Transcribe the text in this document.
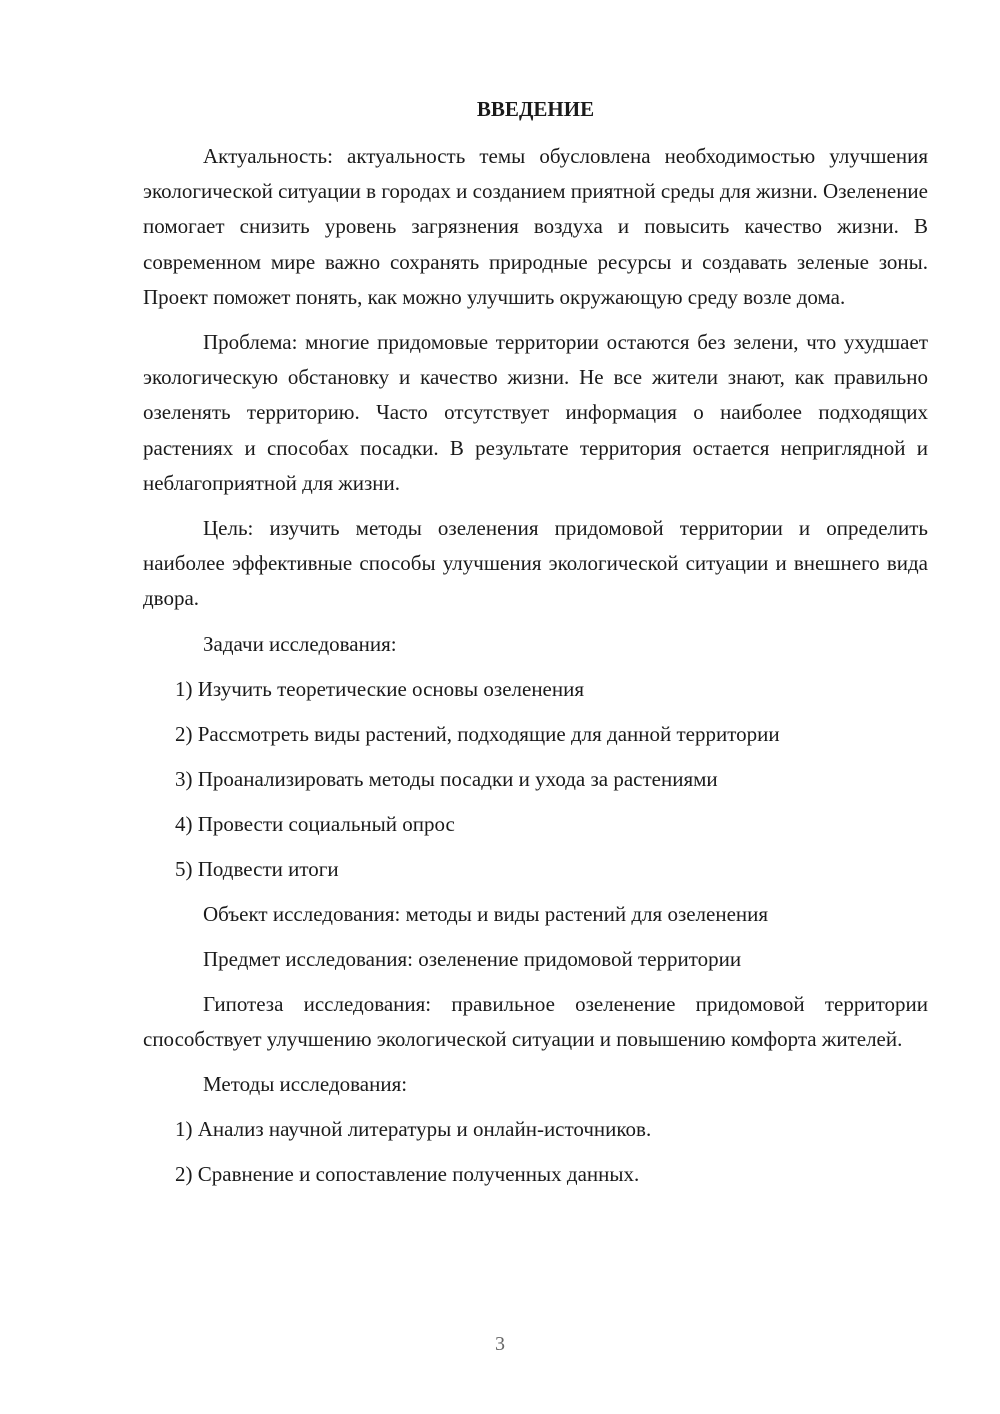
ВВЕДЕНИЕ

Актуальность: актуальность темы обусловлена необходимостью улучшения экологической ситуации в городах и созданием приятной среды для жизни. Озеленение помогает снизить уровень загрязнения воздуха и повысить качество жизни. В современном мире важно сохранять природные ресурсы и создавать зеленые зоны. Проект поможет понять, как можно улучшить окружающую среду возле дома.

Проблема: многие придомовые территории остаются без зелени, что ухудшает экологическую обстановку и качество жизни. Не все жители знают, как правильно озеленять территорию. Часто отсутствует информация о наиболее подходящих растениях и способах посадки. В результате территория остается неприглядной и неблагоприятной для жизни.

Цель: изучить методы озеленения придомовой территории и определить наиболее эффективные способы улучшения экологической ситуации и внешнего вида двора.

Задачи исследования:

1) Изучить теоретические основы озеленения

2) Рассмотреть виды растений, подходящие для данной территории

3) Проанализировать методы посадки и ухода за растениями

4) Провести социальный опрос

5) Подвести итоги

Объект исследования: методы и виды растений для озеленения

Предмет исследования: озеленение придомовой территории

Гипотеза исследования: правильное озеленение придомовой территории способствует улучшению экологической ситуации и повышению комфорта жителей.

Методы исследования:

1) Анализ научной литературы и онлайн-источников.

2) Сравнение и сопоставление полученных данных.

3
